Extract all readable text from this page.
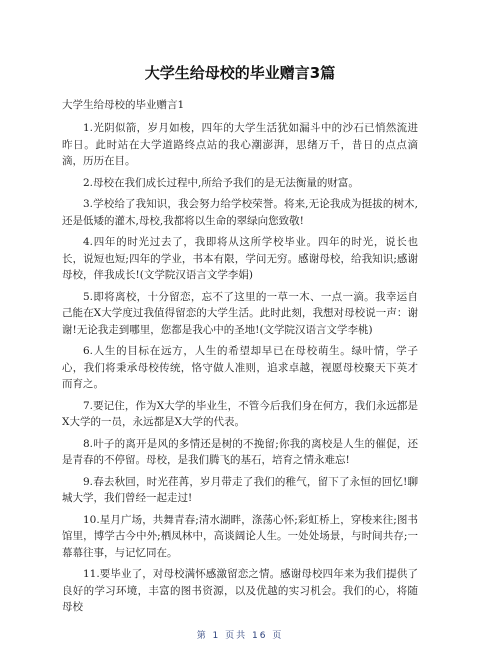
大学生给母校的毕业赠言3篇

大学生给母校的毕业赠言1

1.光阴似箭，岁月如梭，四年的大学生活犹如漏斗中的沙石已悄然流进昨日。此时站在大学道路终点站的我心潮澎湃，思绪万千，昔日的点点滴滴，历历在目。

2.母校在我们成长过程中,所给予我们的是无法衡量的财富。

3.学校给了我知识，我会努力给学校荣誉。将来,无论我成为挺拔的树木,还是低矮的灌木,母校,我都将以生命的翠绿向您致敬!

4.四年的时光过去了，我即将从这所学校毕业。四年的时光，说长也长，说短也短;四年的学业，书本有限，学问无穷。感谢母校，给我知识;感谢母校，伴我成长!(文学院汉语言文学李娟)

5.即将离校，十分留恋，忘不了这里的一草一木、一点一滴。我幸运自己能在X大学度过我值得留恋的大学生活。此时此刻，我想对母校说一声：谢谢!无论我走到哪里，您都是我心中的圣地!(文学院汉语言文学李桃)

6.人生的目标在远方，人生的希望却早已在母校萌生。绿叶情，学子心，我们将秉承母校传统，恪守做人准则，追求卓越，视愿母校聚天下英才而育之。

7.要记住，作为X大学的毕业生，不管今后我们身在何方，我们永远都是X大学的一员，永远都是X大学的代表。

8.叶子的离开是风的多情还是树的不挽留;你我的离校是人生的催促，还是青春的不停留。母校，是我们腾飞的基石，培育之情永难忘!

9.春去秋回，时光荏苒，岁月带走了我们的稚气，留下了永恒的回忆!聊城大学，我们曾经一起走过!

10.星月广场，共舞青春;清水湖畔，涤荡心怀;彩虹桥上，穿梭来往;图书馆里，博学古今中外;栖凤林中，高谈阔论人生。一处处场景，与时间共存;一幕幕往事，与记忆同在。

11.要毕业了，对母校满怀感激留恋之情。感谢母校四年来为我们提供了良好的学习环境，丰富的图书资源，以及优越的实习机会。我们的心，将随母校

第 1 页共 16 页
